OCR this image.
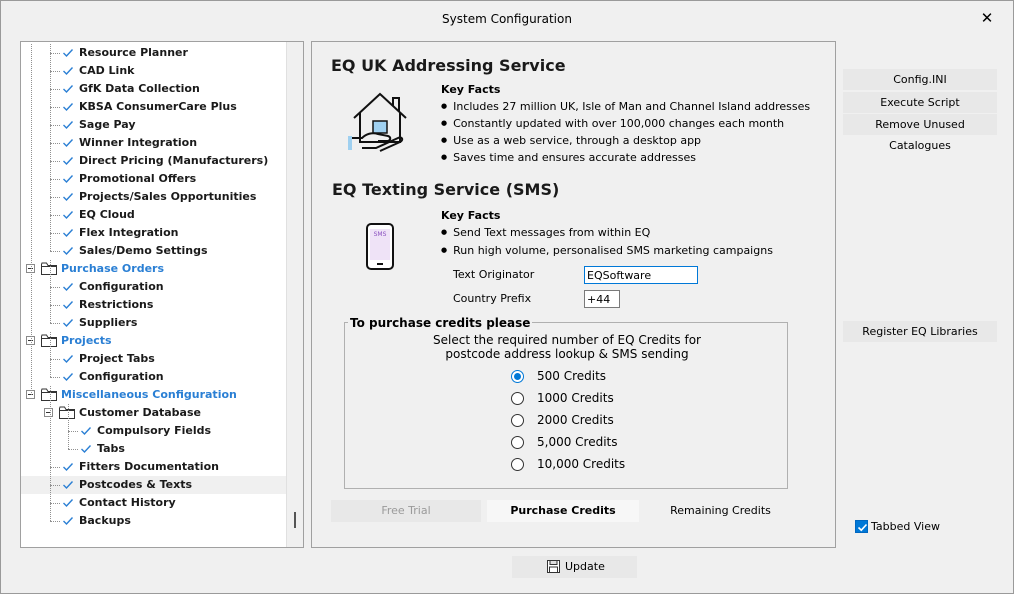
System Configuration	✕
Resource Planner
CAD Link
GfK Data Collection
KBSA ConsumerCare Plus
Sage Pay
Winner Integration
Direct Pricing (Manufacturers)
Promotional Offers
Projects/Sales Opportunities
EQ Cloud
Flex Integration
Sales/Demo Settings
Purchase Orders
Configuration
Restrictions
Suppliers
Projects
Project Tabs
Configuration
Miscellaneous Configuration
Customer Database
Compulsory Fields
Tabs
Fitters Documentation
Postcodes & Texts
Contact History
Backups
EQ UK Addressing Service
Key Facts
● Includes 27 million UK, Isle of Man and Channel Island addresses
● Constantly updated with over 100,000 changes each month
● Use as a web service, through a desktop app
● Saves time and ensures accurate addresses
EQ Texting Service (SMS)
SMS
Key Facts
● Send Text messages from within EQ
● Run high volume, personalised SMS marketing campaigns
Text Originator
EQSoftware
Country Prefix
+44
To purchase credits please
Select the required number of EQ Credits for
postcode address lookup & SMS sending
500 Credits
1000 Credits
2000 Credits
5,000 Credits
10,000 Credits
Free Trial	Purchase Credits	Remaining Credits
Config.INI
Execute Script
Remove Unused Catalogues
Register EQ Libraries
Tabbed View
Update
